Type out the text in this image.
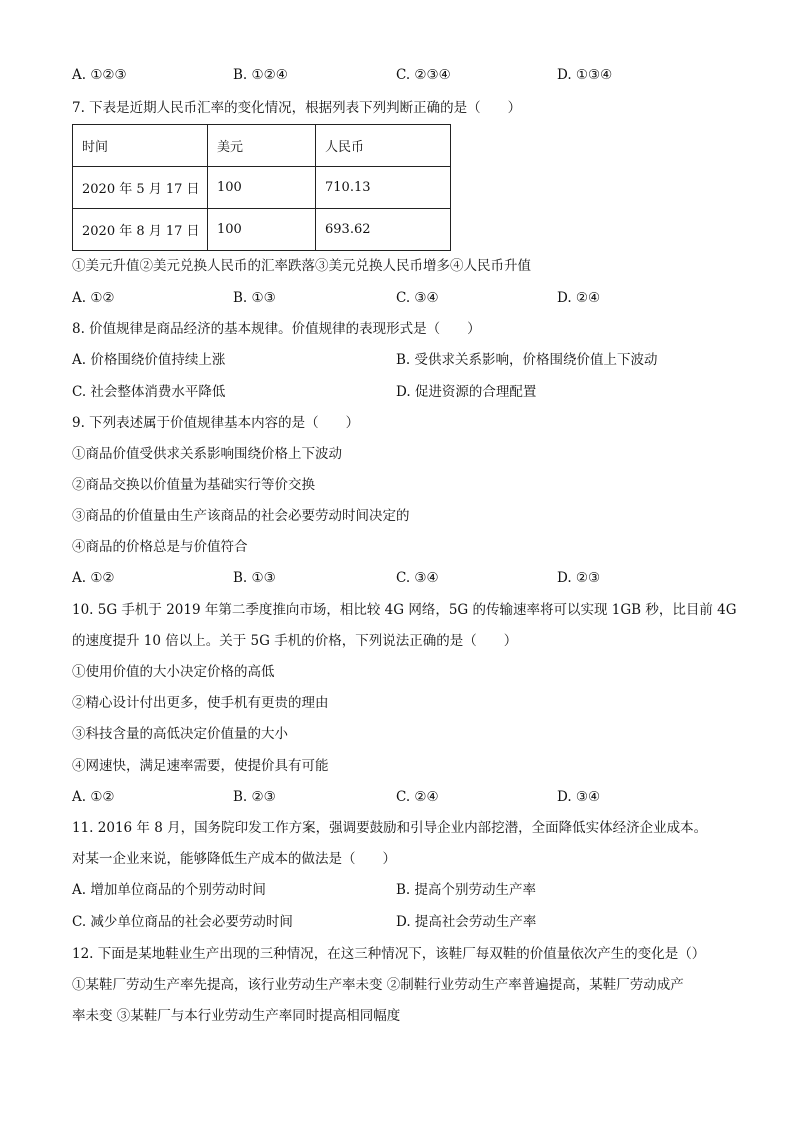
A. ①②③	B. ①②④	C. ②③④	D. ①③④
7. 下表是近期人民币汇率的变化情况，根据列表下列判断正确的是（　　）
时间	美元	人民币
2020 年 5 月 17 日	100	710.13
2020 年 8 月 17 日	100	693.62
①美元升值②美元兑换人民币的汇率跌落③美元兑换人民币增多④人民币升值
A. ①②	B. ①③	C. ③④	D. ②④
8. 价值规律是商品经济的基本规律。价值规律的表现形式是（　　）
A. 价格围绕价值持续上涨	B. 受供求关系影响，价格围绕价值上下波动
C. 社会整体消费水平降低	D. 促进资源的合理配置
9. 下列表述属于价值规律基本内容的是（　　）
①商品价值受供求关系影响围绕价格上下波动
②商品交换以价值量为基础实行等价交换
③商品的价值量由生产该商品的社会必要劳动时间决定的
④商品的价格总是与价值符合
A. ①②	B. ①③	C. ③④	D. ②③
10. 5G 手机于 2019 年第二季度推向市场，相比较 4G 网络，5G 的传输速率将可以实现 1GB 秒，比目前 4G
的速度提升 10 倍以上。关于 5G 手机的价格，下列说法正确的是（　　）
①使用价值的大小决定价格的高低
②精心设计付出更多，使手机有更贵的理由
③科技含量的高低决定价值量的大小
④网速快，满足速率需要，使提价具有可能
A. ①②	B. ②③	C. ②④	D. ③④
11. 2016 年 8 月，国务院印发工作方案，强调要鼓励和引导企业内部挖潜，全面降低实体经济企业成本。
对某一企业来说，能够降低生产成本的做法是（　　）
A. 增加单位商品的个别劳动时间	B. 提高个别劳动生产率
C. 减少单位商品的社会必要劳动时间	D. 提高社会劳动生产率
12. 下面是某地鞋业生产出现的三种情况，在这三种情况下，该鞋厂每双鞋的价值量依次产生的变化是（）
①某鞋厂劳动生产率先提高，该行业劳动生产率未变 ②制鞋行业劳动生产率普遍提高，某鞋厂劳动成产
率未变 ③某鞋厂与本行业劳动生产率同时提高相同幅度
